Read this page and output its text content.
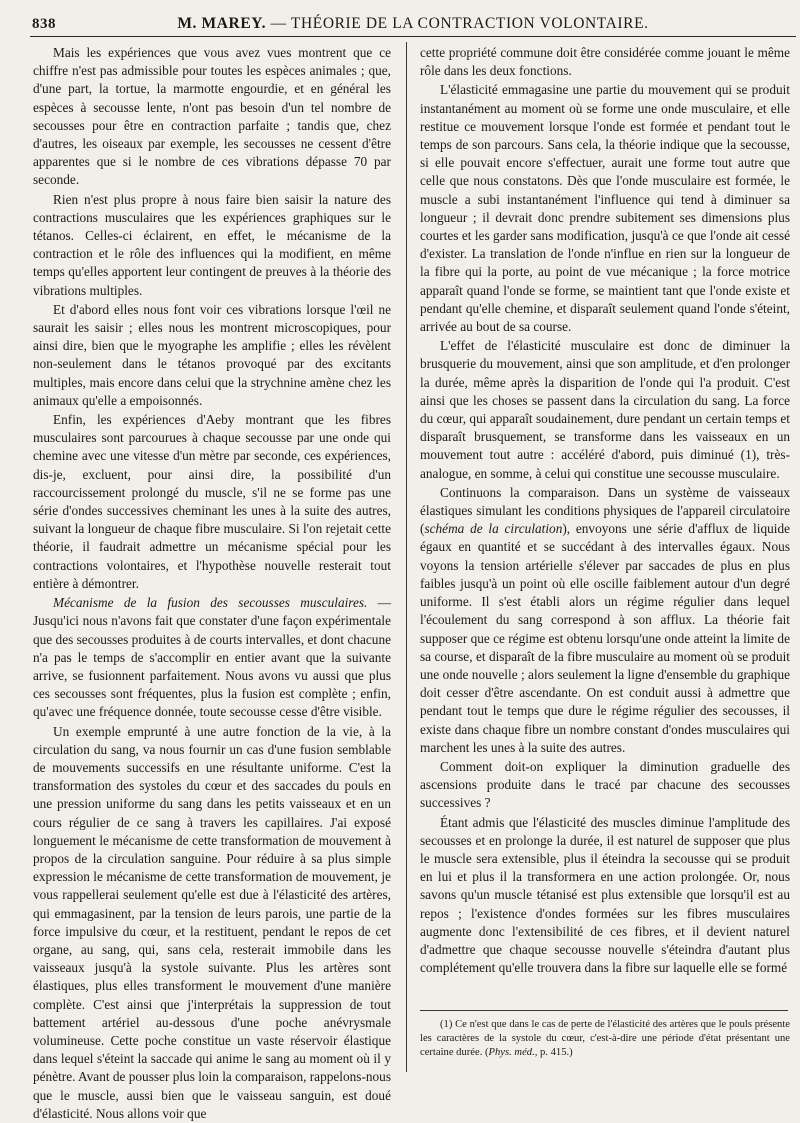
838	M. MAREY. — THÉORIE DE LA CONTRACTION VOLONTAIRE.

Mais les expériences que vous avez vues montrent que ce chiffre n'est pas admissible pour toutes les espèces animales ; que, d'une part, la tortue, la marmotte engourdie, et en général les espèces à secousse lente, n'ont pas besoin d'un tel nombre de secousses pour être en contraction parfaite ; tandis que, chez d'autres, les oiseaux par exemple, les secousses ne cessent d'être apparentes que si le nombre de ces vibrations dépasse 70 par seconde.

Rien n'est plus propre à nous faire bien saisir la nature des contractions musculaires que les expériences graphiques sur le tétanos. Celles-ci éclairent, en effet, le mécanisme de la contraction et le rôle des influences qui la modifient, en même temps qu'elles apportent leur contingent de preuves à la théorie des vibrations multiples.

Et d'abord elles nous font voir ces vibrations lorsque l'œil ne saurait les saisir ; elles nous les montrent microscopiques, pour ainsi dire, bien que le myographe les amplifie ; elles les révèlent non-seulement dans le tétanos provoqué par des excitants multiples, mais encore dans celui que la strychnine amène chez les animaux qu'elle a empoisonnés.

Enfin, les expériences d'Aeby montrant que les fibres musculaires sont parcourues à chaque secousse par une onde qui chemine avec une vitesse d'un mètre par seconde, ces expériences, dis-je, excluent, pour ainsi dire, la possibilité d'un raccourcissement prolongé du muscle, s'il ne se forme pas une série d'ondes successives cheminant les unes à la suite des autres, suivant la longueur de chaque fibre musculaire. Si l'on rejetait cette théorie, il faudrait admettre un mécanisme spécial pour les contractions volontaires, et l'hypothèse nouvelle resterait tout entière à démontrer.

Mécanisme de la fusion des secousses musculaires. — Jusqu'ici nous n'avons fait que constater d'une façon expérimentale que des secousses produites à de courts intervalles, et dont chacune n'a pas le temps de s'accomplir en entier avant que la suivante arrive, se fusionnent parfaitement. Nous avons vu aussi que plus ces secousses sont fréquentes, plus la fusion est complète ; enfin, qu'avec une fréquence donnée, toute secousse cesse d'être visible.

Un exemple emprunté à une autre fonction de la vie, à la circulation du sang, va nous fournir un cas d'une fusion semblable de mouvements successifs en une résultante uniforme. C'est la transformation des systoles du cœur et des saccades du pouls en une pression uniforme du sang dans les petits vaisseaux et en un cours régulier de ce sang à travers les capillaires. J'ai exposé longuement le mécanisme de cette transformation de mouvement à propos de la circulation sanguine. Pour réduire à sa plus simple expression le mécanisme de cette transformation de mouvement, je vous rappellerai seulement qu'elle est due à l'élasticité des artères, qui emmagasinent, par la tension de leurs parois, une partie de la force impulsive du cœur, et la restituent, pendant le repos de cet organe, au sang, qui, sans cela, resterait immobile dans les vaisseaux jusqu'à la systole suivante. Plus les artères sont élastiques, plus elles transforment le mouvement d'une manière complète. C'est ainsi que j'interprétais la suppression de tout battement artériel au-dessous d'une poche anévrysmale volumineuse. Cette poche constitue un vaste réservoir élastique dans lequel s'éteint la saccade qui anime le sang au moment où il y pénètre. Avant de pousser plus loin la comparaison, rappelons-nous que le muscle, aussi bien que le vaisseau sanguin, est doué d'élasticité. Nous allons voir que

cette propriété commune doit être considérée comme jouant le même rôle dans les deux fonctions.

L'élasticité emmagasine une partie du mouvement qui se produit instantanément au moment où se forme une onde musculaire, et elle restitue ce mouvement lorsque l'onde est formée et pendant tout le temps de son parcours. Sans cela, la théorie indique que la secousse, si elle pouvait encore s'effectuer, aurait une forme tout autre que celle que nous constatons. Dès que l'onde musculaire est formée, le muscle a subi instantanément l'influence qui tend à diminuer sa longueur ; il devrait donc prendre subitement ses dimensions plus courtes et les garder sans modification, jusqu'à ce que l'onde ait cessé d'exister. La translation de l'onde n'influe en rien sur la longueur de la fibre qui la porte, au point de vue mécanique ; la force motrice apparaît quand l'onde se forme, se maintient tant que l'onde existe et pendant qu'elle chemine, et disparaît seulement quand l'onde s'éteint, arrivée au bout de sa course.

L'effet de l'élasticité musculaire est donc de diminuer la brusquerie du mouvement, ainsi que son amplitude, et d'en prolonger la durée, même après la disparition de l'onde qui l'a produit. C'est ainsi que les choses se passent dans la circulation du sang. La force du cœur, qui apparaît soudainement, dure pendant un certain temps et disparaît brusquement, se transforme dans les vaisseaux en un mouvement tout autre : accéléré d'abord, puis diminué (1), très-analogue, en somme, à celui qui constitue une secousse musculaire.

Continuons la comparaison. Dans un système de vaisseaux élastiques simulant les conditions physiques de l'appareil circulatoire (schéma de la circulation), envoyons une série d'afflux de liquide égaux en quantité et se succédant à des intervalles égaux. Nous voyons la tension artérielle s'élever par saccades de plus en plus faibles jusqu'à un point où elle oscille faiblement autour d'un degré uniforme. Il s'est établi alors un régime régulier dans lequel l'écoulement du sang correspond à son afflux. La théorie fait supposer que ce régime est obtenu lorsqu'une onde atteint la limite de sa course, et disparaît de la fibre musculaire au moment où se produit une onde nouvelle ; alors seulement la ligne d'ensemble du graphique doit cesser d'être ascendante. On est conduit aussi à admettre que pendant tout le temps que dure le régime régulier des secousses, il existe dans chaque fibre un nombre constant d'ondes musculaires qui marchent les unes à la suite des autres.

Comment doit-on expliquer la diminution graduelle des ascensions produite dans le tracé par chacune des secousses successives ?

Étant admis que l'élasticité des muscles diminue l'amplitude des secousses et en prolonge la durée, il est naturel de supposer que plus le muscle sera extensible, plus il éteindra la secousse qui se produit en lui et plus il la transformera en une action prolongée. Or, nous savons qu'un muscle tétanisé est plus extensible que lorsqu'il est au repos ; l'existence d'ondes formées sur les fibres musculaires augmente donc l'extensibilité de ces fibres, et il devient naturel d'admettre que chaque secousse nouvelle s'éteindra d'autant plus complétement qu'elle trouvera dans la fibre sur laquelle elle se formé

(1) Ce n'est que dans le cas de perte de l'élasticité des artères que le pouls présente les caractères de la systole du cœur, c'est-à-dire une période d'état présentant une certaine durée. (Phys. méd., p. 415.)
